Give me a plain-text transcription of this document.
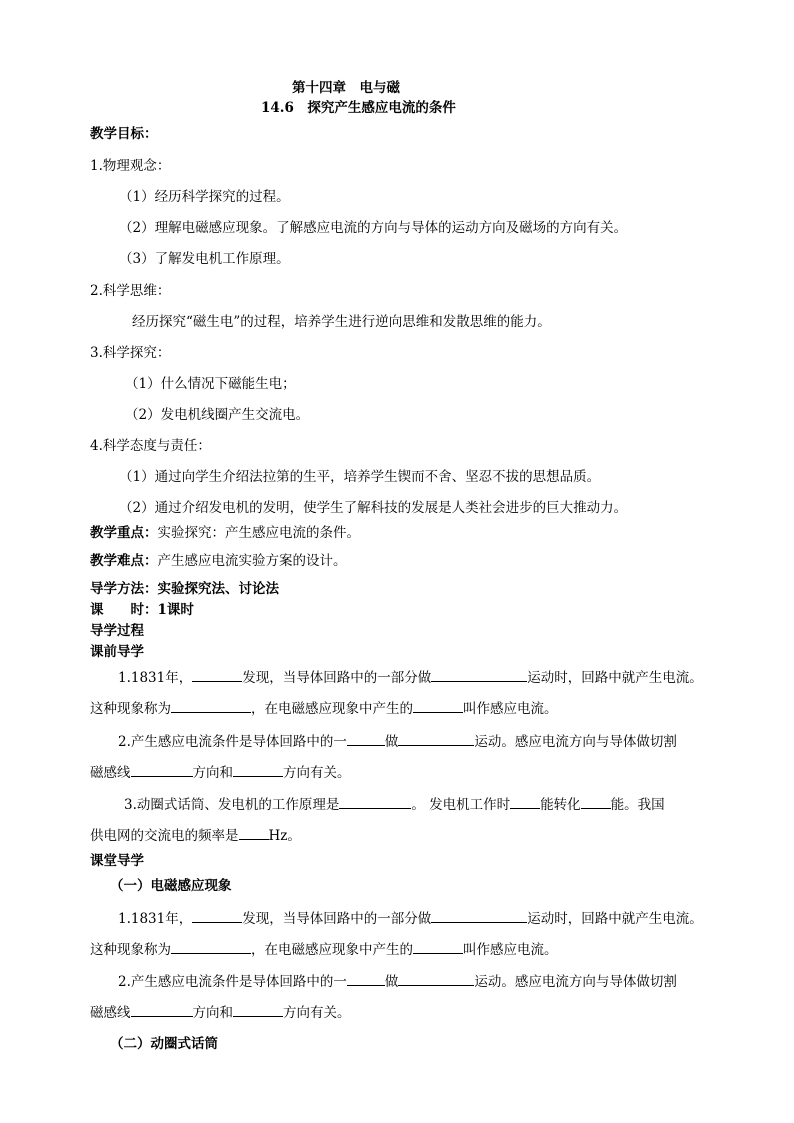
第十四章　电与磁
14.6　探究产生感应电流的条件
教学目标：
1.物理观念：
（1）经历科学探究的过程。
（2）理解电磁感应现象。了解感应电流的方向与导体的运动方向及磁场的方向有关。
（3）了解发电机工作原理。
2.科学思维：
经历探究“磁生电”的过程，培养学生进行逆向思维和发散思维的能力。
3.科学探究：
（1）什么情况下磁能生电；
（2）发电机线圈产生交流电。
4.科学态度与责任：
（1）通过向学生介绍法拉第的生平，培养学生锲而不舍、坚忍不拔的思想品质。
（2）通过介绍发电机的发明，使学生了解科技的发展是人类社会进步的巨大推动力。
教学重点：实验探究：产生感应电流的条件。
教学难点：产生感应电流实验方案的设计。
导学方法：实验探究法、讨论法
课　　时：1课时
导学过程
课前导学
1.1831年，	发现，当导体回路中的一部分做	运动时，回路中就产生电流。
这种现象称为	，在电磁感应现象中产生的	叫作感应电流。
2.产生感应电流条件是导体回路中的一	做	运动。感应电流方向与导体做切割
磁感线	方向和	方向有关。
3.动圈式话筒、发电机的工作原理是	。 发电机工作时 能转化 能。我国
供电网的交流电的频率是 Hz。
课堂导学
（一）电磁感应现象
1.1831年，	发现，当导体回路中的一部分做	运动时，回路中就产生电流。
这种现象称为	，在电磁感应现象中产生的	叫作感应电流。
2.产生感应电流条件是导体回路中的一	做	运动。感应电流方向与导体做切割
磁感线	方向和	方向有关。
（二）动圈式话筒
